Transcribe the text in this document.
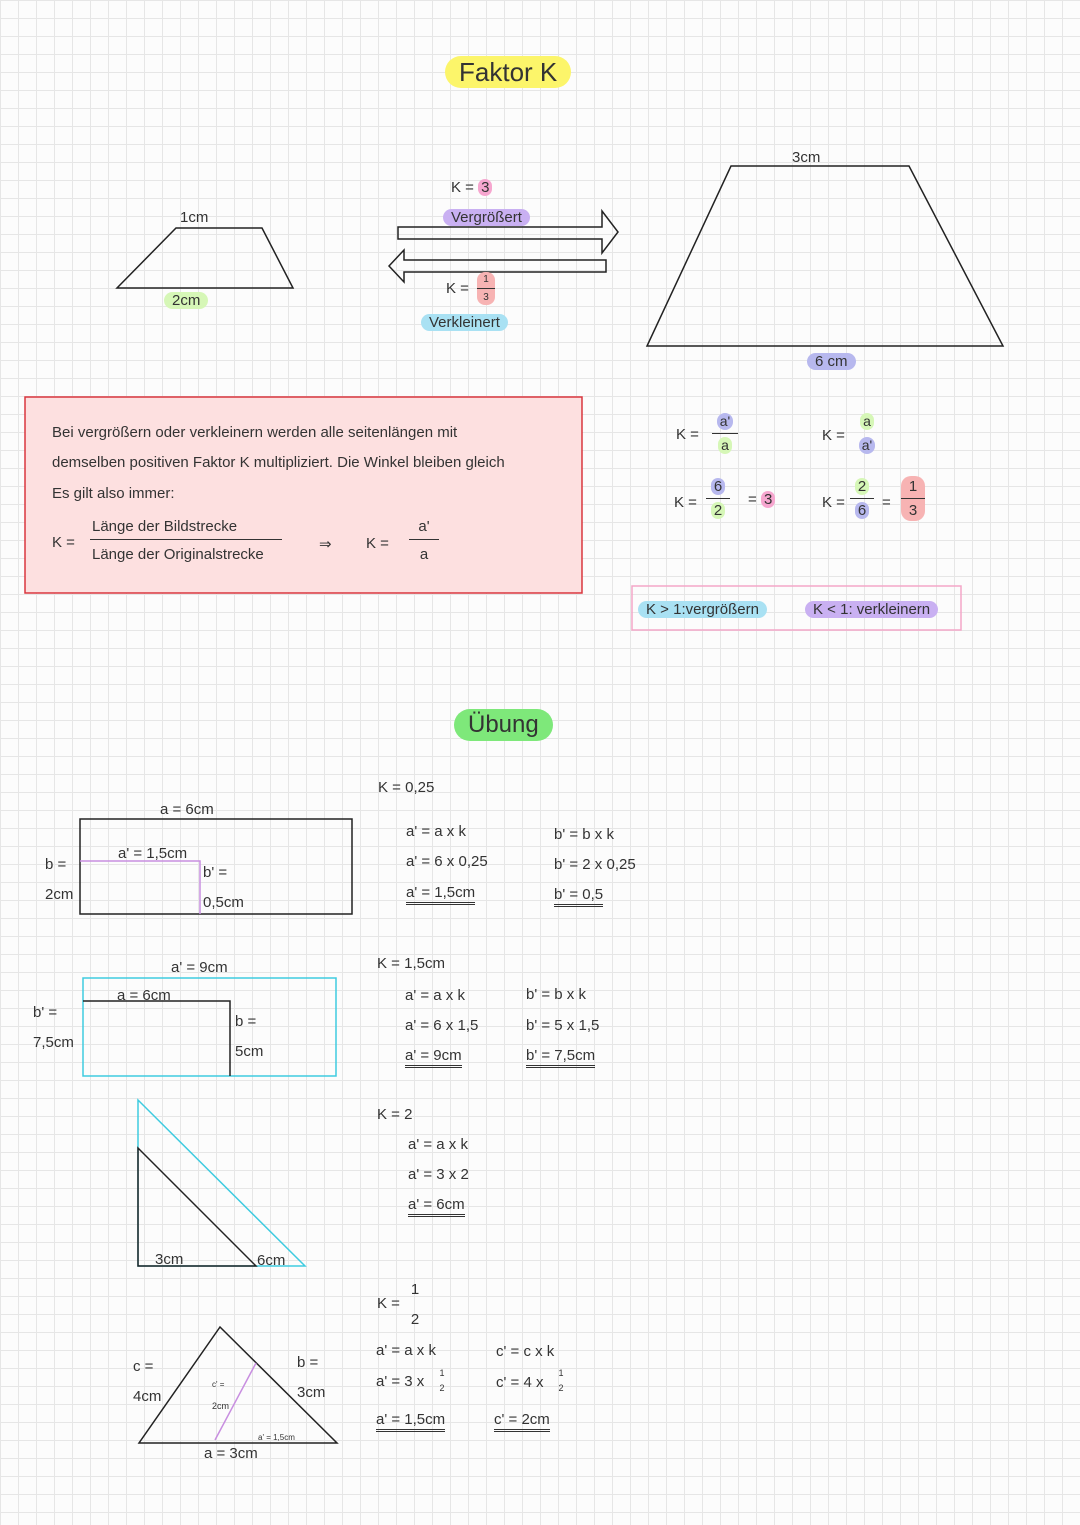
Faktor K
1cm
2cm
K = 3
Vergrößert
K =
1
3
Verkleinert
3cm
6 cm
Bei vergrößern oder verkleinern werden alle seitenlängen mit
demselben positiven Faktor K multipliziert. Die Winkel bleiben gleich
Es gilt also immer:
K =
Länge der Bildstrecke
Länge der Originalstrecke
⇒ K =
a'
a
K =
a'
a
K =
a
a'
K =
6
2
= 3	K =
2
6	=
1
3
K > 1:vergrößern	K < 1: verkleinern
Übung
a = 6cm
b =
2cm
a' = 1,5cm
b' =
0,5cm
K = 0,25
a' = a x k
a' = 6 x 0,25
a' = 1,5cm
b' = b x k
b' = 2 x 0,25
b' = 0,5
a' = 9cm
a = 6cm
b' =
7,5cm
b =
5cm
K = 1,5cm
a' = a x k
a' = 6 x 1,5
a' = 9cm
b' = b x k
b' = 5 x 1,5
b' = 7,5cm
3cm	6cm
K = 2
a' = a x k
a' = 3 x 2
a' = 6cm
c =
4cm
b =
3cm
a = 3cm
c' =
2cm
a' = 1,5cm
K =
1
2
a' = a x k
a' = 3 x	1
2
a' = 1,5cm
c' = c x k
c' = 4 x
1
2
c' = 2cm
